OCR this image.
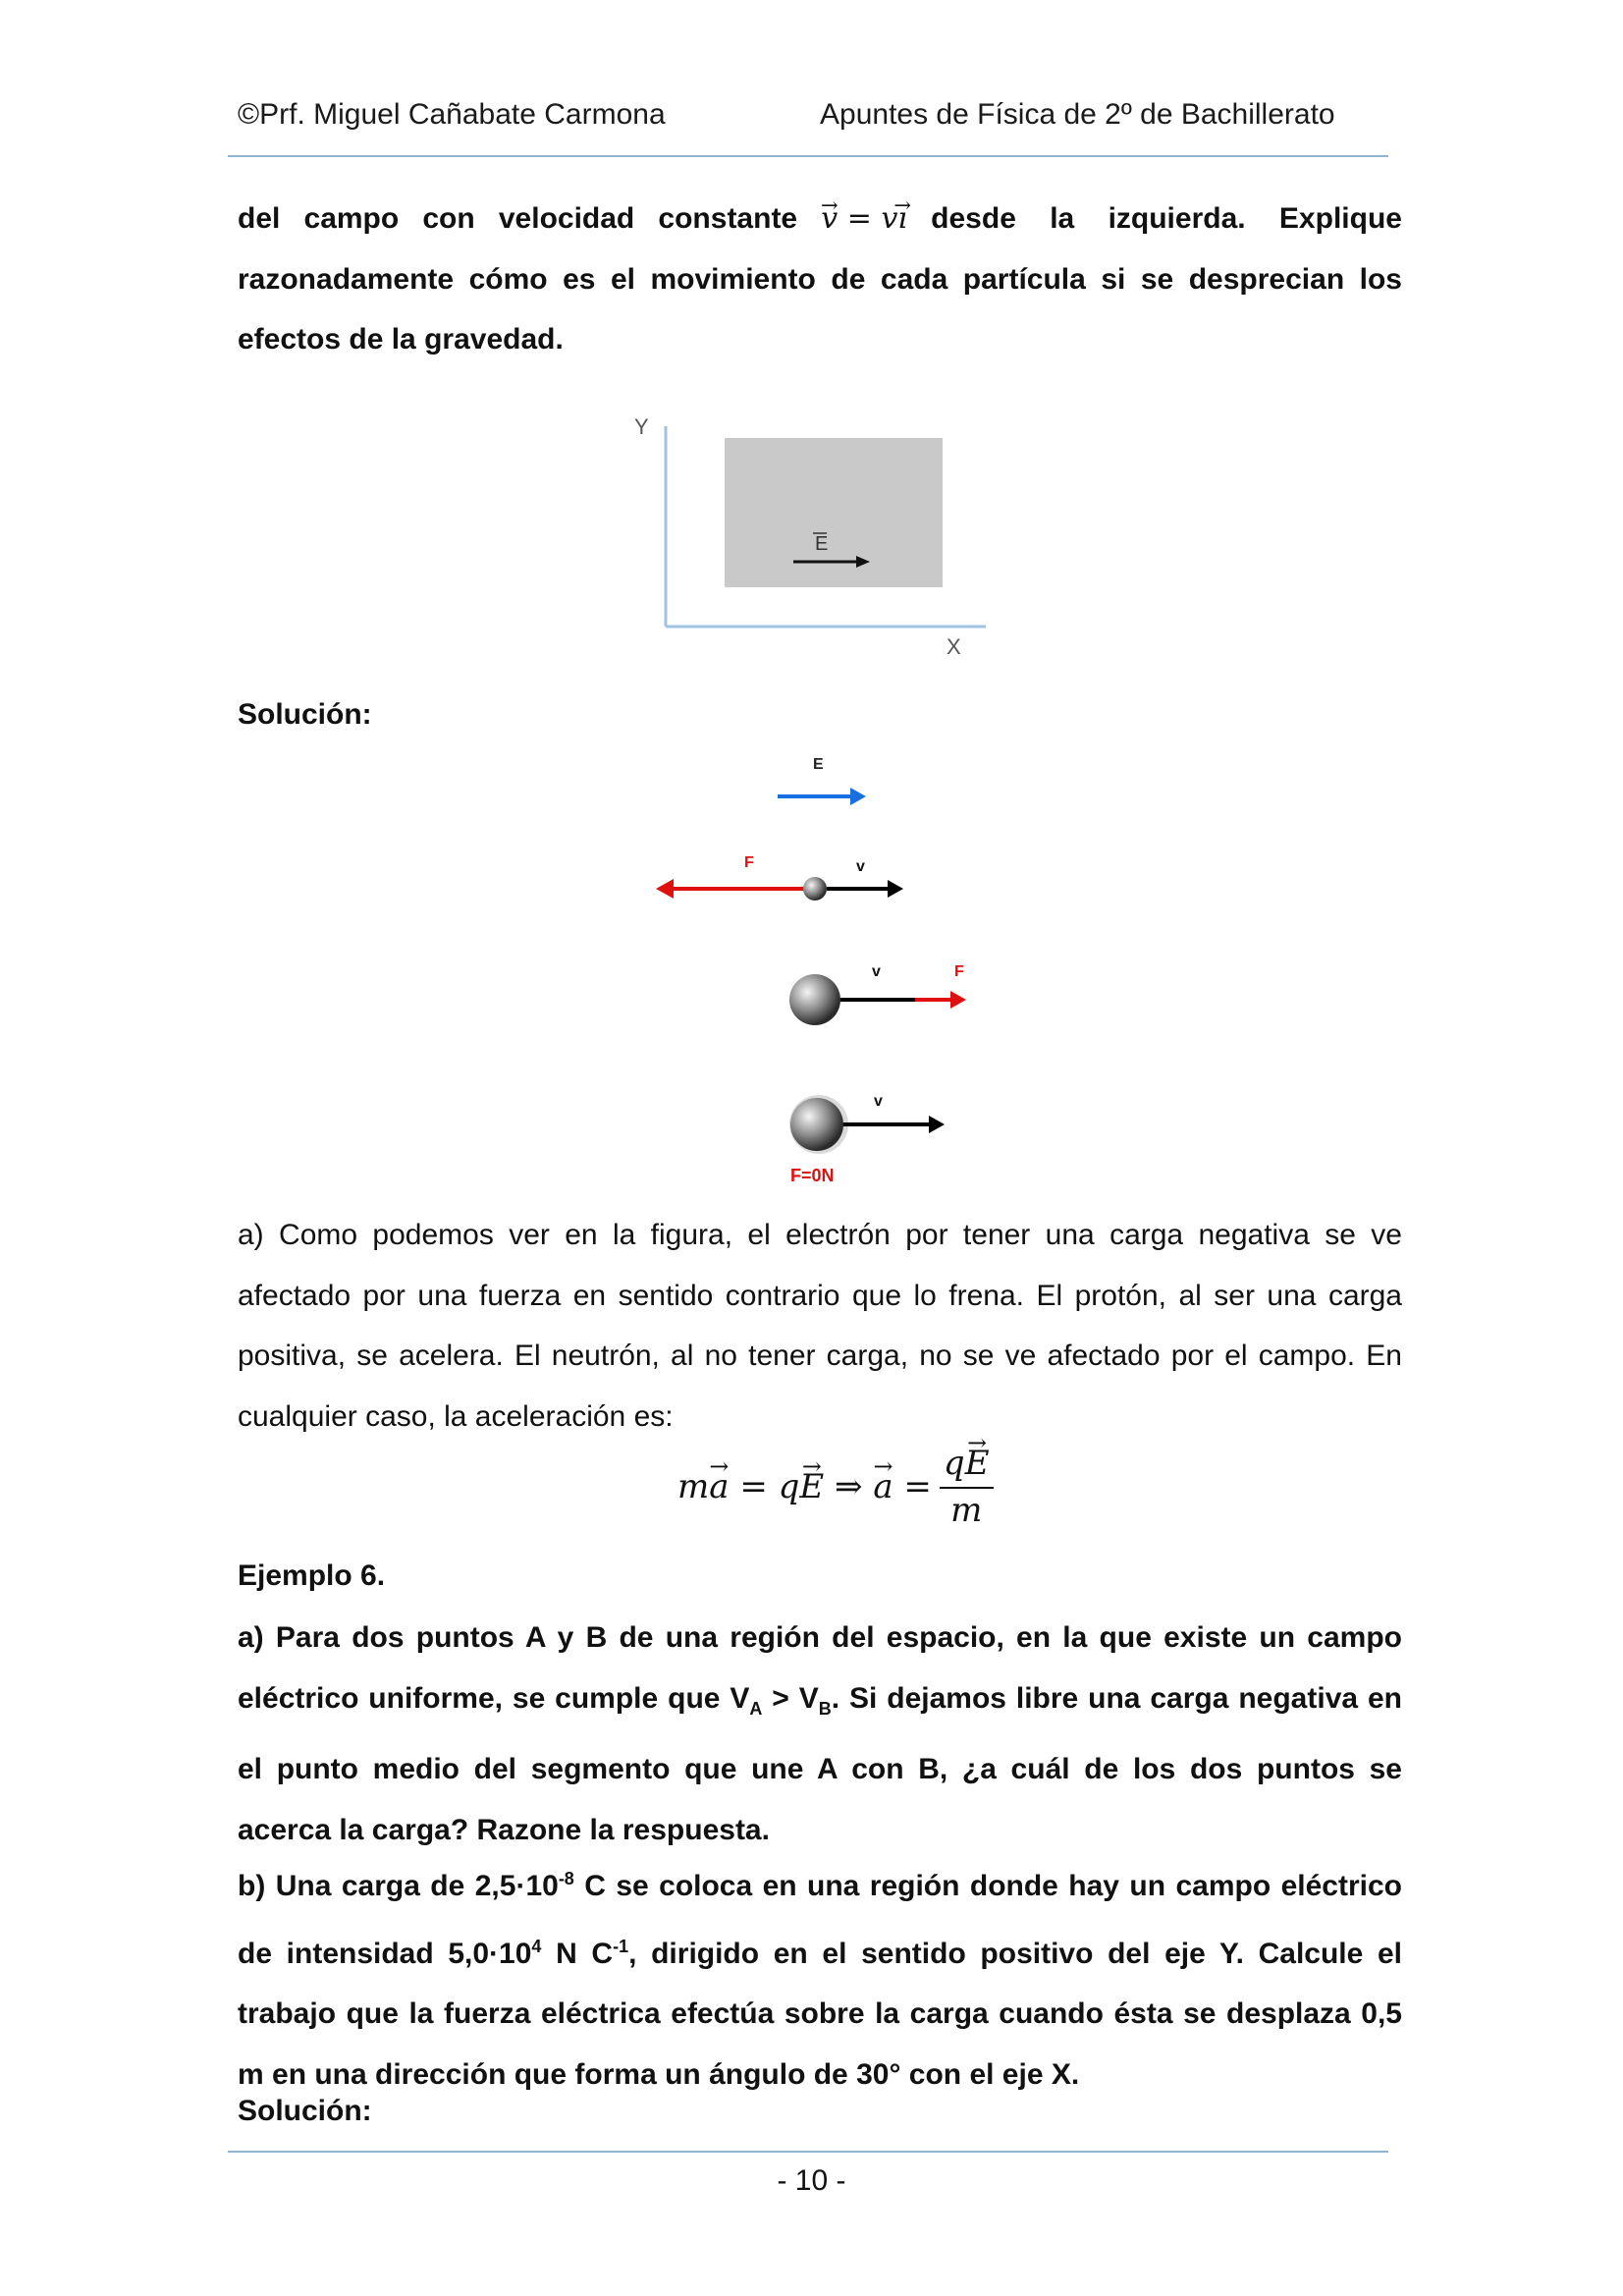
©Prf. Miguel Cañabate Carmona	Apuntes de Física de 2º de Bachillerato

del campo con velocidad constante
→ v = v→ ı desde la izquierda. Explique
razonadamente cómo es el movimiento de cada partícula si se desprecian los efectos de la gravedad.

Y
X
E
Solución:
E
F	v
v	F
v
F=0N

a) Como podemos ver en la figura, el electrón por tener una carga negativa se ve afectado por una fuerza en sentido contrario que lo frena. El protón, al ser una carga positiva, se acelera. El neutrón, al no tener carga, no se ve afectado por el campo. En cualquier caso, la aceleración es:

m→ a = q→ E ⇒ → $a = \frac{q\to E}{m}$
Ejemplo 6.

a) Para dos puntos A y B de una región del espacio, en la que existe un campo eléctrico uniforme, se cumple que $V_A > V_B$. Si dejamos libre una carga negativa en el punto medio del segmento que une A con B, ¿a cuál de los dos puntos se acerca la carga? Razone la respuesta.

b) Una carga de $2,5\cdot 10^{-8}$ C se coloca en una región donde hay un campo eléctrico de intensidad $5,0\cdot 10^4$ N $C^{-1}$, dirigido en el sentido positivo del eje Y. Calcule el trabajo que la fuerza eléctrica efectúa sobre la carga cuando ésta se desplaza 0,5 m en una dirección que forma un ángulo de 30° con el eje X.

Solución:
- 10 -
